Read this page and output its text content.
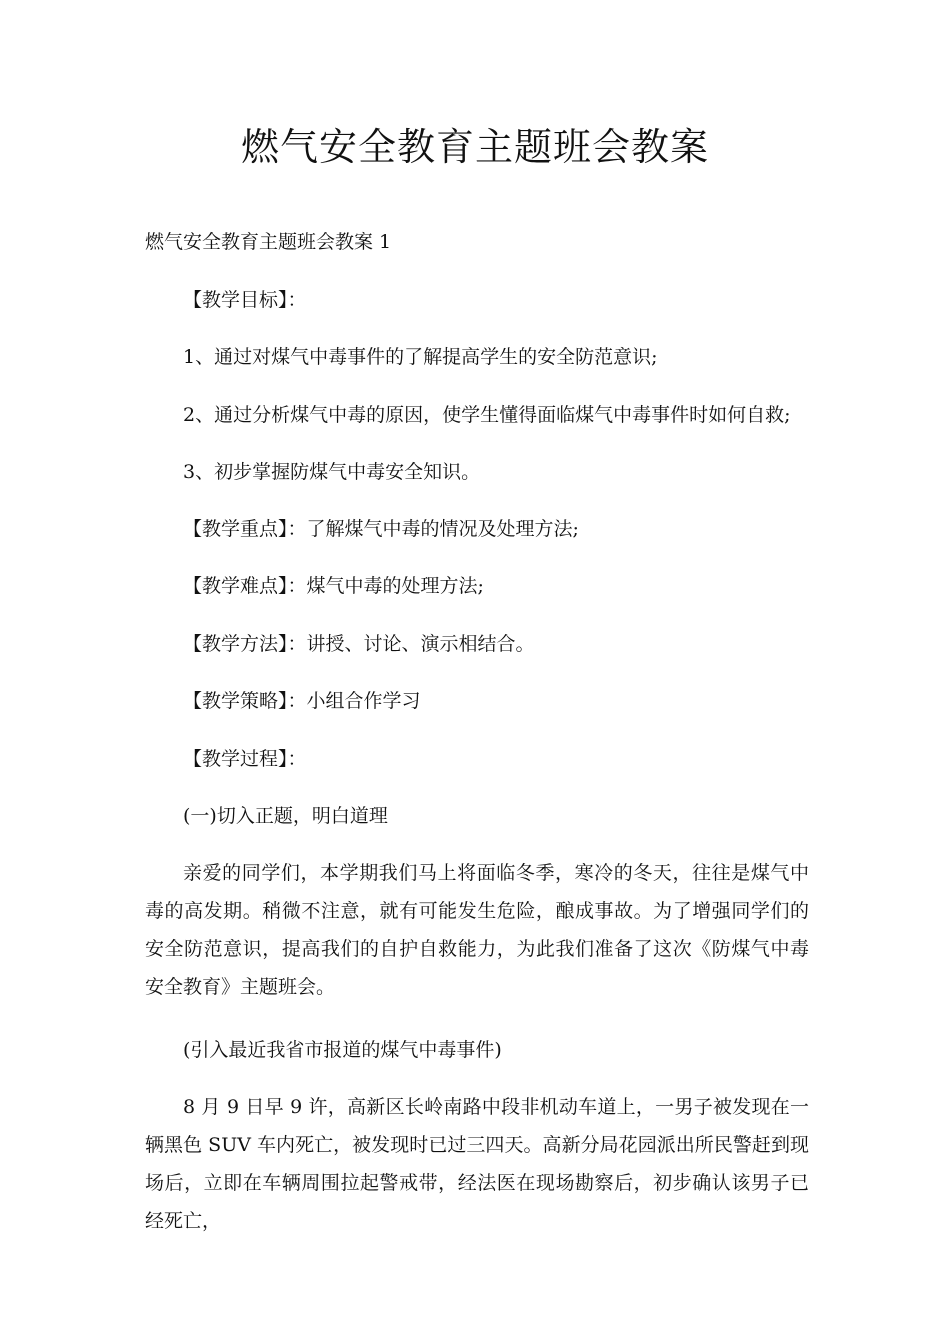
燃气安全教育主题班会教案
燃气安全教育主题班会教案 1
【教学目标】：
1、通过对煤气中毒事件的了解提高学生的安全防范意识;
2、通过分析煤气中毒的原因，使学生懂得面临煤气中毒事件时如何自救;
3、初步掌握防煤气中毒安全知识。
【教学重点】：了解煤气中毒的情况及处理方法;
【教学难点】：煤气中毒的处理方法;
【教学方法】：讲授、讨论、演示相结合。
【教学策略】：小组合作学习
【教学过程】：
(一)切入正题，明白道理

亲爱的同学们，本学期我们马上将面临冬季，寒冷的冬天，往往是煤气中毒的高发期。稍微不注意，就有可能发生危险，酿成事故。为了增强同学们的安全防范意识，提高我们的自护自救能力，为此我们准备了这次《防煤气中毒安全教育》主题班会。

(引入最近我省市报道的煤气中毒事件)

8 月 9 日早 9 许，高新区长岭南路中段非机动车道上，一男子被发现在一辆黑色 SUV 车内死亡，被发现时已过三四天。高新分局花园派出所民警赶到现场后，立即在车辆周围拉起警戒带，经法医在现场勘察后，初步确认该男子已经死亡，
